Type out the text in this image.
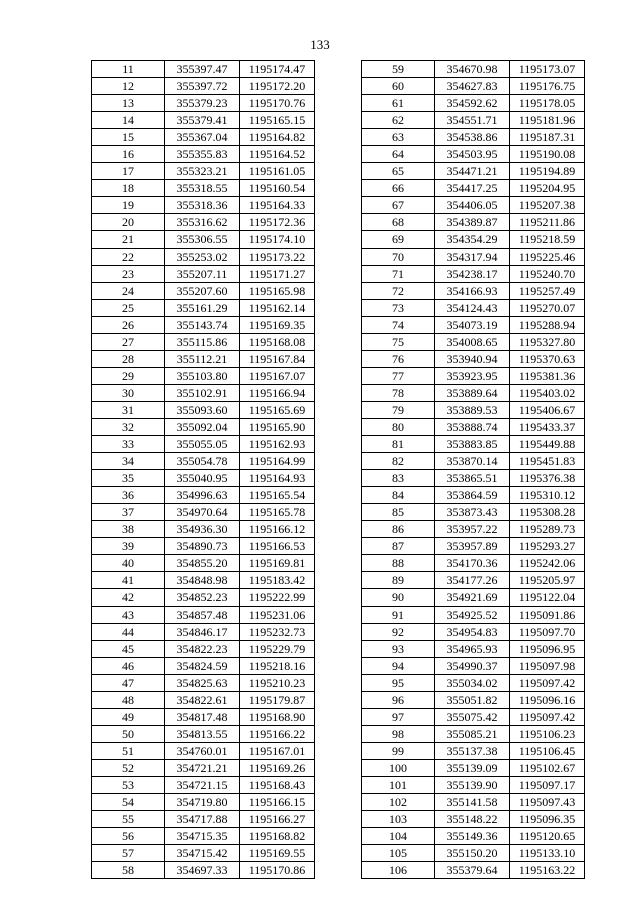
133
11	355397.47	1195174.47
12	355397.72	1195172.20
13	355379.23	1195170.76
14	355379.41	1195165.15
15	355367.04	1195164.82
16	355355.83	1195164.52
17	355323.21	1195161.05
18	355318.55	1195160.54
19	355318.36	1195164.33
20	355316.62	1195172.36
21	355306.55	1195174.10
22	355253.02	1195173.22
23	355207.11	1195171.27
24	355207.60	1195165.98
25	355161.29	1195162.14
26	355143.74	1195169.35
27	355115.86	1195168.08
28	355112.21	1195167.84
29	355103.80	1195167.07
30	355102.91	1195166.94
31	355093.60	1195165.69
32	355092.04	1195165.90
33	355055.05	1195162.93
34	355054.78	1195164.99
35	355040.95	1195164.93
36	354996.63	1195165.54
37	354970.64	1195165.78
38	354936.30	1195166.12
39	354890.73	1195166.53
40	354855.20	1195169.81
41	354848.98	1195183.42
42	354852.23	1195222.99
43	354857.48	1195231.06
44	354846.17	1195232.73
45	354822.23	1195229.79
46	354824.59	1195218.16
47	354825.63	1195210.23
48	354822.61	1195179.87
49	354817.48	1195168.90
50	354813.55	1195166.22
51	354760.01	1195167.01
52	354721.21	1195169.26
53	354721.15	1195168.43
54	354719.80	1195166.15
55	354717.88	1195166.27
56	354715.35	1195168.82
57	354715.42	1195169.55
58	354697.33	1195170.86
59	354670.98	1195173.07
60	354627.83	1195176.75
61	354592.62	1195178.05
62	354551.71	1195181.96
63	354538.86	1195187.31
64	354503.95	1195190.08
65	354471.21	1195194.89
66	354417.25	1195204.95
67	354406.05	1195207.38
68	354389.87	1195211.86
69	354354.29	1195218.59
70	354317.94	1195225.46
71	354238.17	1195240.70
72	354166.93	1195257.49
73	354124.43	1195270.07
74	354073.19	1195288.94
75	354008.65	1195327.80
76	353940.94	1195370.63
77	353923.95	1195381.36
78	353889.64	1195403.02
79	353889.53	1195406.67
80	353888.74	1195433.37
81	353883.85	1195449.88
82	353870.14	1195451.83
83	353865.51	1195376.38
84	353864.59	1195310.12
85	353873.43	1195308.28
86	353957.22	1195289.73
87	353957.89	1195293.27
88	354170.36	1195242.06
89	354177.26	1195205.97
90	354921.69	1195122.04
91	354925.52	1195091.86
92	354954.83	1195097.70
93	354965.93	1195096.95
94	354990.37	1195097.98
95	355034.02	1195097.42
96	355051.82	1195096.16
97	355075.42	1195097.42
98	355085.21	1195106.23
99	355137.38	1195106.45
100	355139.09	1195102.67
101	355139.90	1195097.17
102	355141.58	1195097.43
103	355148.22	1195096.35
104	355149.36	1195120.65
105	355150.20	1195133.10
106	355379.64	1195163.22
